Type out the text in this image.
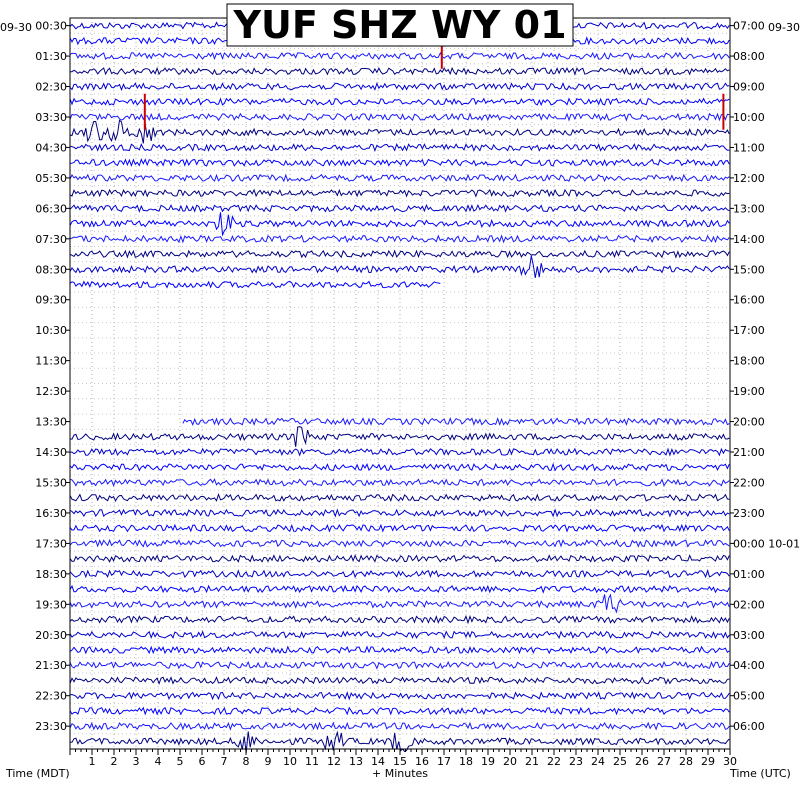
1 2 3 4 5 6 7 8 9 10 11 12 13 14 15 16 17 18 19 20 21 22 23 24 25 26 27 28 29 30
00:30
01:30
02:30
03:30
04:30
05:30
06:30
07:30
08:30
09:30
10:30
11:30
12:30
13:30
14:30
15:30
16:30
17:30
18:30
19:30
20:30
21:30
22:30
23:30
07:00
08:00
09:00
10:00
11:00
12:00
13:00
14:00
15:00
16:00
17:00
18:00
19:00
20:00
21:00
22:00
23:00
00:00 10-01
01:00
02:00
03:00
04:00
05:00
06:00
09-30	09-30
YUF SHZ WY 01
Time (MDT)	+ Minutes	Time (UTC)
